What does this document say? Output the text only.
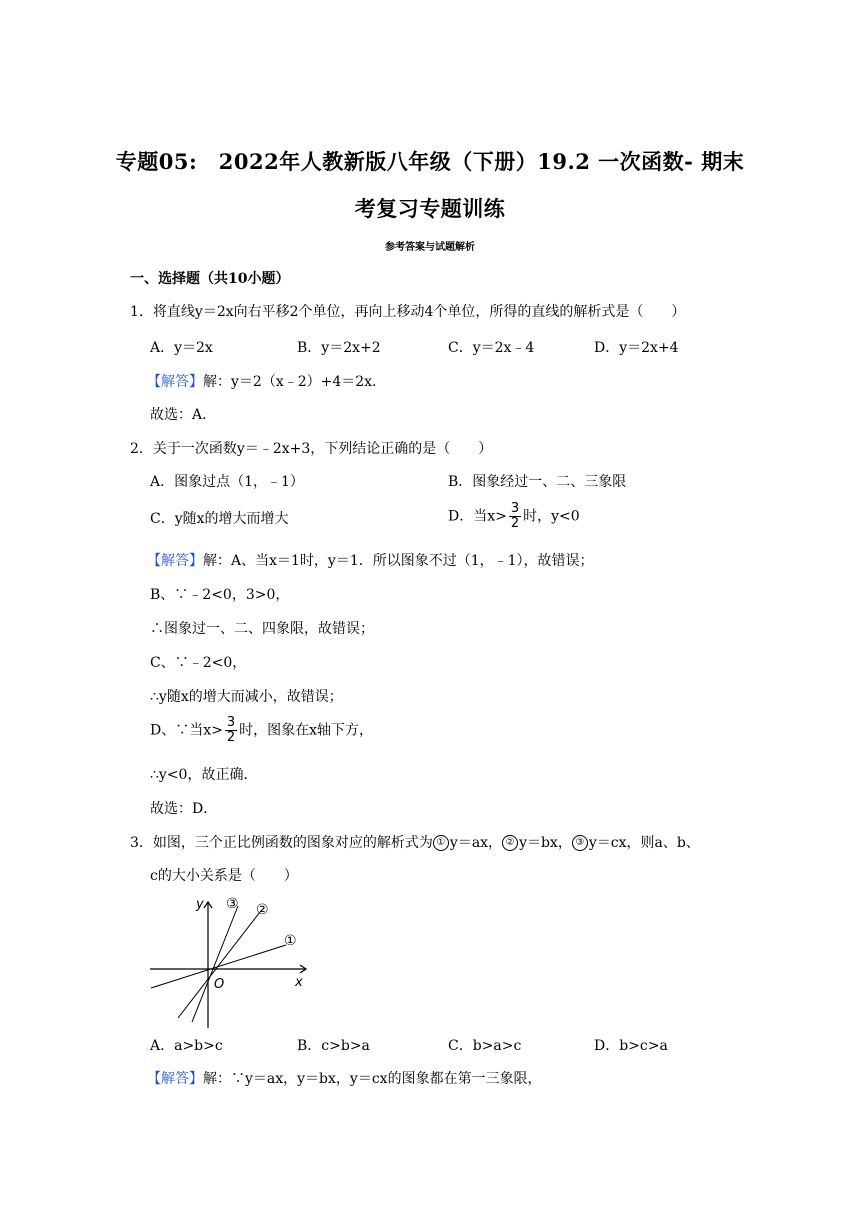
专题05:　2022年人教新版八年级（下册）19.2 一次函数- 期末
考复习专题训练
参考答案与试题解析
一、选择题（共10小题）
1．将直线y＝2x向右平移2个单位，再向上移动4个单位，所得的直线的解析式是（　　）
A．y＝2x	B．y＝2x+2	C．y＝2x﹣4	D．y＝2x+4
【解答】解：y＝2（x﹣2）+4＝2x．
故选：A．
2．关于一次函数y＝﹣2x+3，下列结论正确的是（　　）
A．图象过点（1，﹣1）	B．图象经过一、二、三象限
C．y随x的增大而增大	D．当$x> \frac{3}{2}$ 时，y<0
【解答】解：A、当x＝1时，y＝1．所以图象不过（1，﹣1），故错误；
B、∵﹣2<0，3>0，
∴图象过一、二、四象限，故错误；
C、∵﹣2<0，
∴y随x的增大而减小，故错误；
D、∵当$x> \frac{3}{2}$ 时，图象在x轴下方，
∴y<0，故正确．
故选：D．
3．如图，三个正比例函数的图象对应的解析式为 ① y＝ax， ② y＝bx， ③ y＝cx，则a、b、
c的大小关系是（　　）
y
x
O
③ ②
①
A．a>b>c	B．c>b>a	C．b>a>c	D．b>c>a
【解答】解：∵y＝ax，y＝bx，y＝cx的图象都在第一三象限，
